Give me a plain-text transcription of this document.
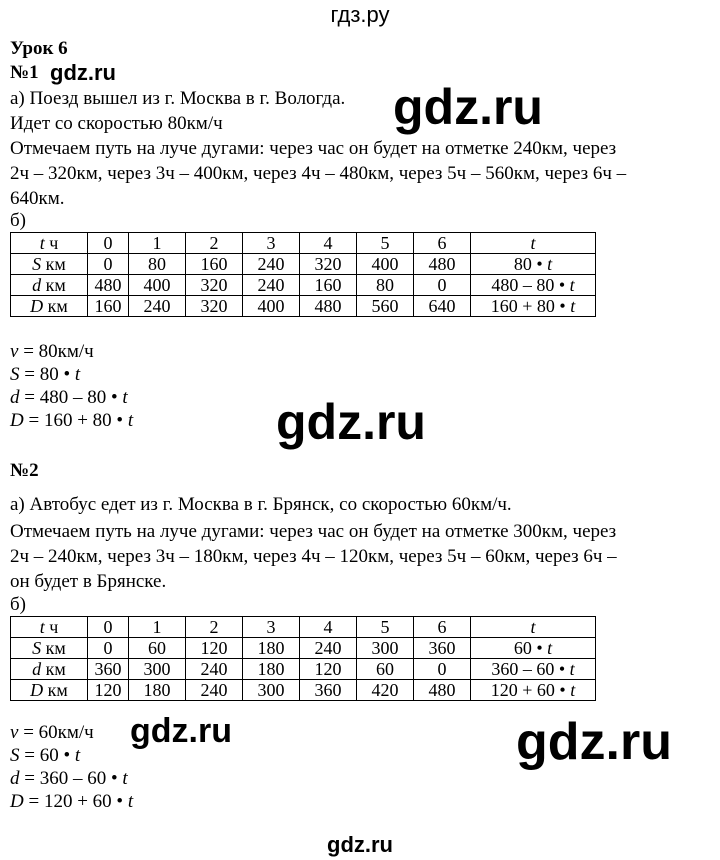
гдз.ру
Урок 6
№1 gdz.ru
а) Поезд вышел из г. Москва в г. Вологда. gdz.ru
Идет со скоростью 80км/ч
Отмечаем путь на луче дугами: через час он будет на отметке 240км, через
2ч – 320км, через 3ч – 400км, через 4ч – 480км, через 5ч – 560км, через 6ч –
640км.
б)
t ч	0	1	2	3	4	5	6	t
S км	0	80	160	240	320	400	480	80 • t
d км	480	400	320	240	160	80	0	480 – 80 • t
D км	160	240	320	400	480	560	640	160 + 80 • t
v = 80км/ч
S = 80 • t
d = 480 – 80 • t
D = 160 + 80 • t	gdz.ru
№2
а) Автобус едет из г. Москва в г. Брянск, со скоростью 60км/ч.
Отмечаем путь на луче дугами: через час он будет на отметке 300км, через
2ч – 240км, через 3ч – 180км, через 4ч – 120км, через 5ч – 60км, через 6ч –
он будет в Брянске.
б)
t ч	0	1	2	3	4	5	6	t
S км	0	60	120	180	240	300	360	60 • t
d км	360	300	240	180	120	60	0	360 – 60 • t
D км	120	180	240	300	360	420	480	120 + 60 • t
v = 60км/ч gdz.ru	gdz.ru
S = 60 • t
d = 360 – 60 • t
D = 120 + 60 • t
gdz.ru
